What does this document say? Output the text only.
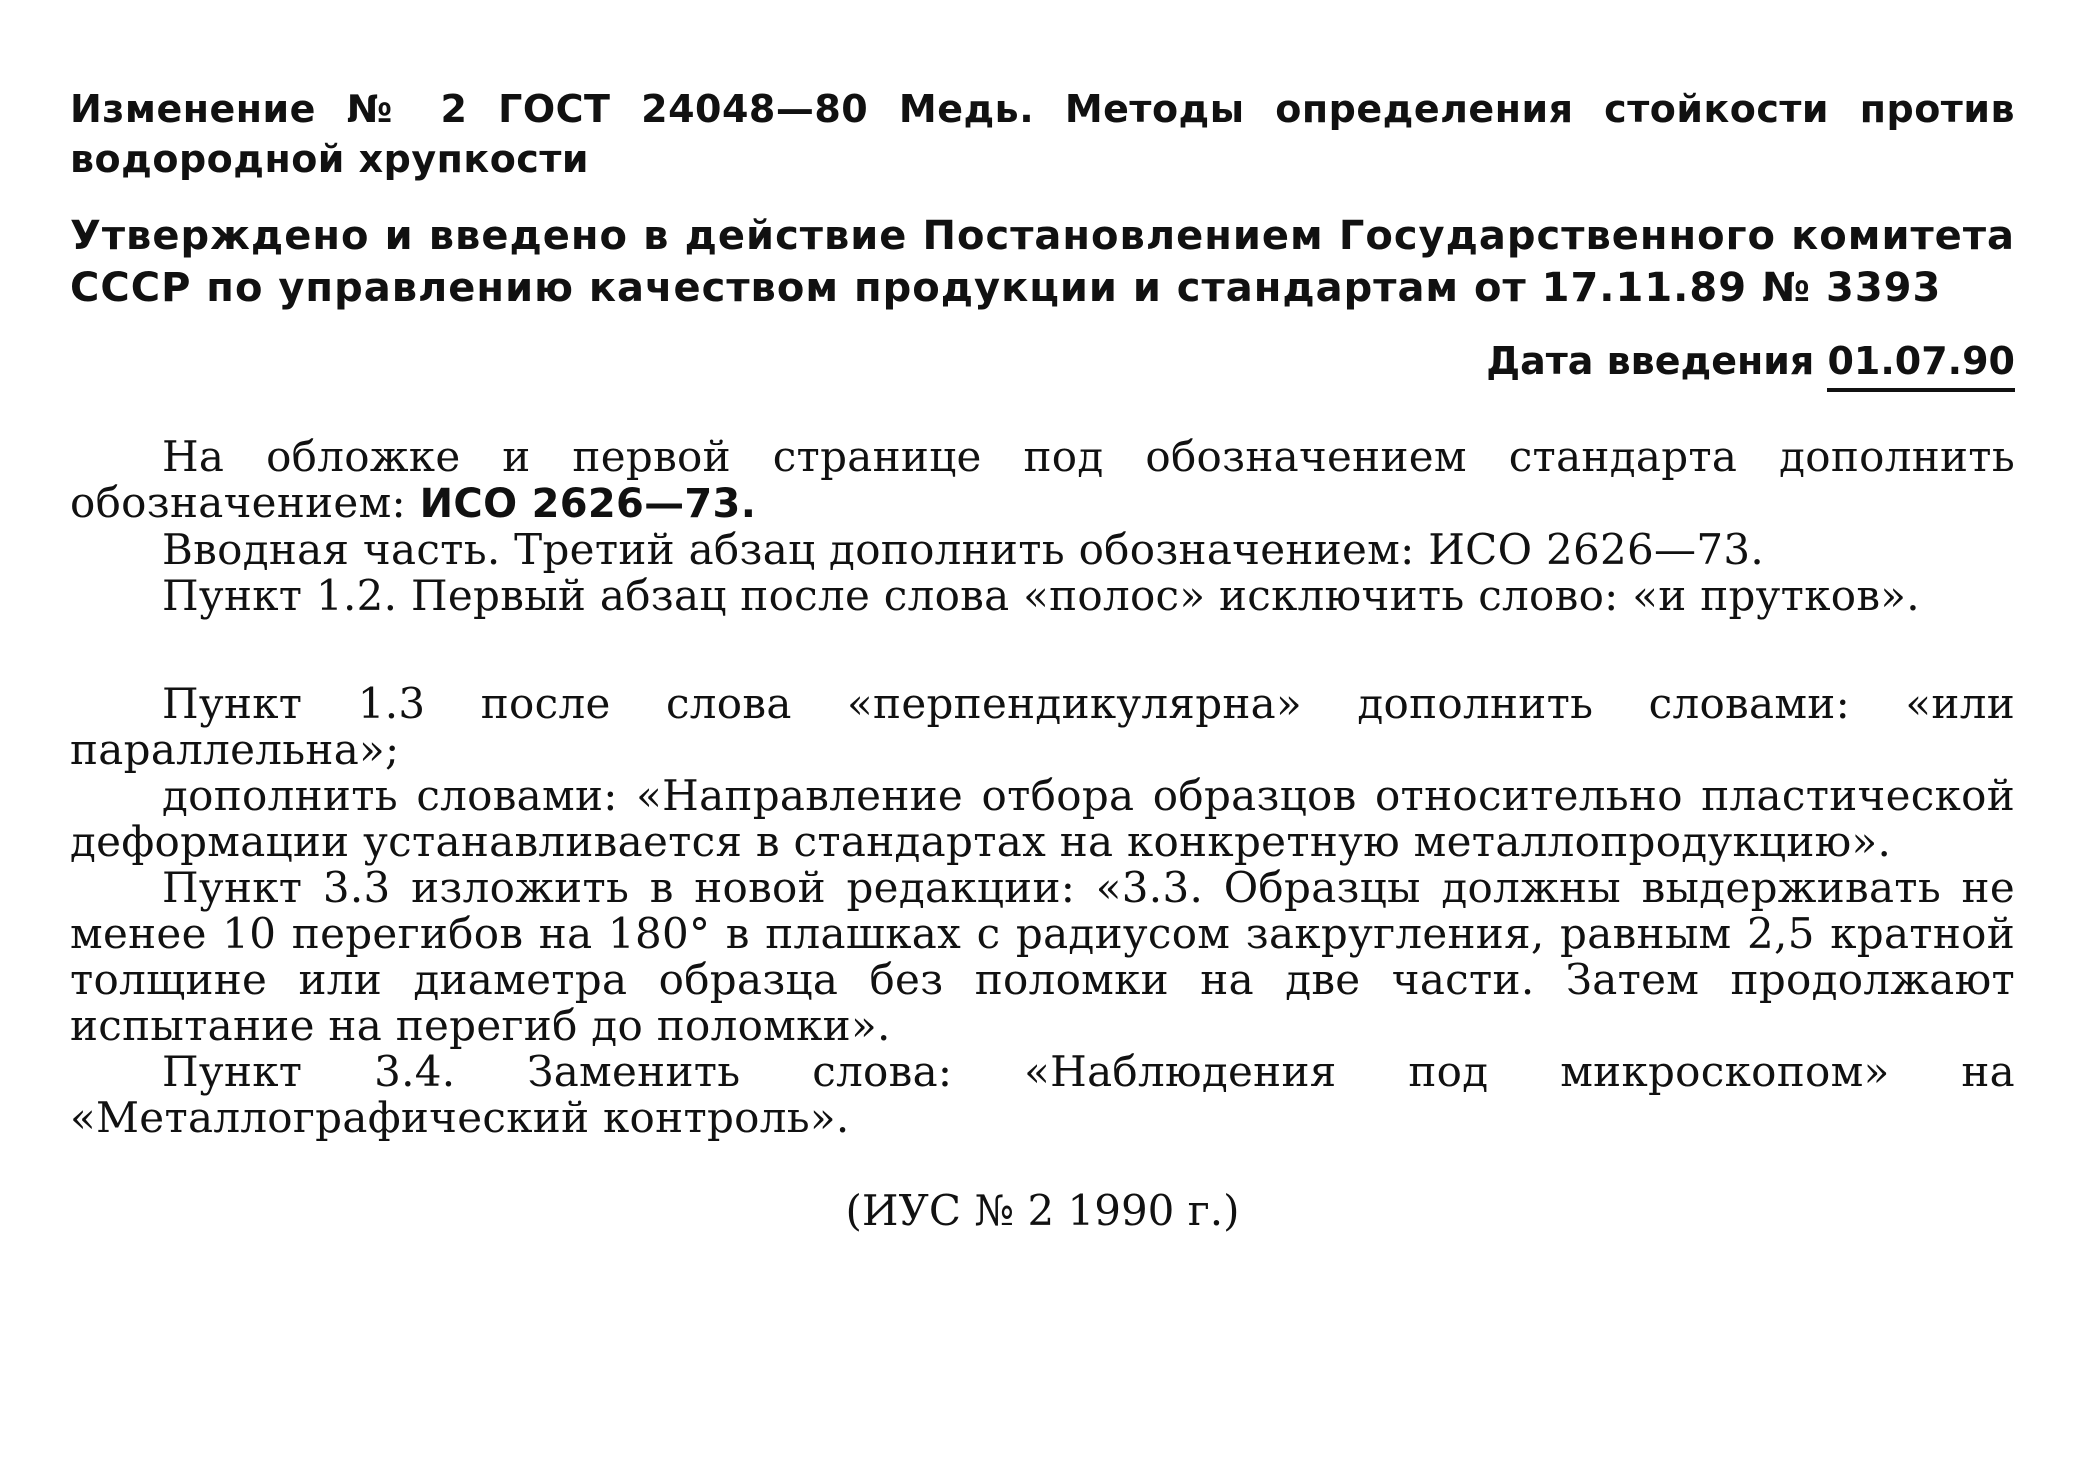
Изменение № 2 ГОСТ 24048—80 Медь. Методы определения стойкости против водородной хрупкости

Утверждено и введено в действие Постановлением Государственного комитета СССР по управлению качеством продукции и стандартам от 17.11.89 № 3393

Дата введения 01.07.90

На обложке и первой странице под обозначением стандарта дополнить обозначением: ИСО 2626—73.

Вводная часть. Третий абзац дополнить обозначением: ИСО 2626—73.

Пункт 1.2. Первый абзац после слова «полос» исключить слово: «и прутков».

Пункт 1.3 после слова «перпендикулярна» дополнить словами: «или параллельна»;

дополнить словами: «Направление отбора образцов относительно пластической деформации устанавливается в стандартах на конкретную металлопродукцию».

Пункт 3.3 изложить в новой редакции: «3.3. Образцы должны выдерживать не менее 10 перегибов на 180° в плашках с радиусом закругления, равным 2,5 кратной толщине или диаметра образца без поломки на две части. Затем продолжают испытание на перегиб до поломки».

Пункт 3.4. Заменить слова: «Наблюдения под микроскопом» на «Металлографический контроль».

(ИУС № 2 1990 г.)
